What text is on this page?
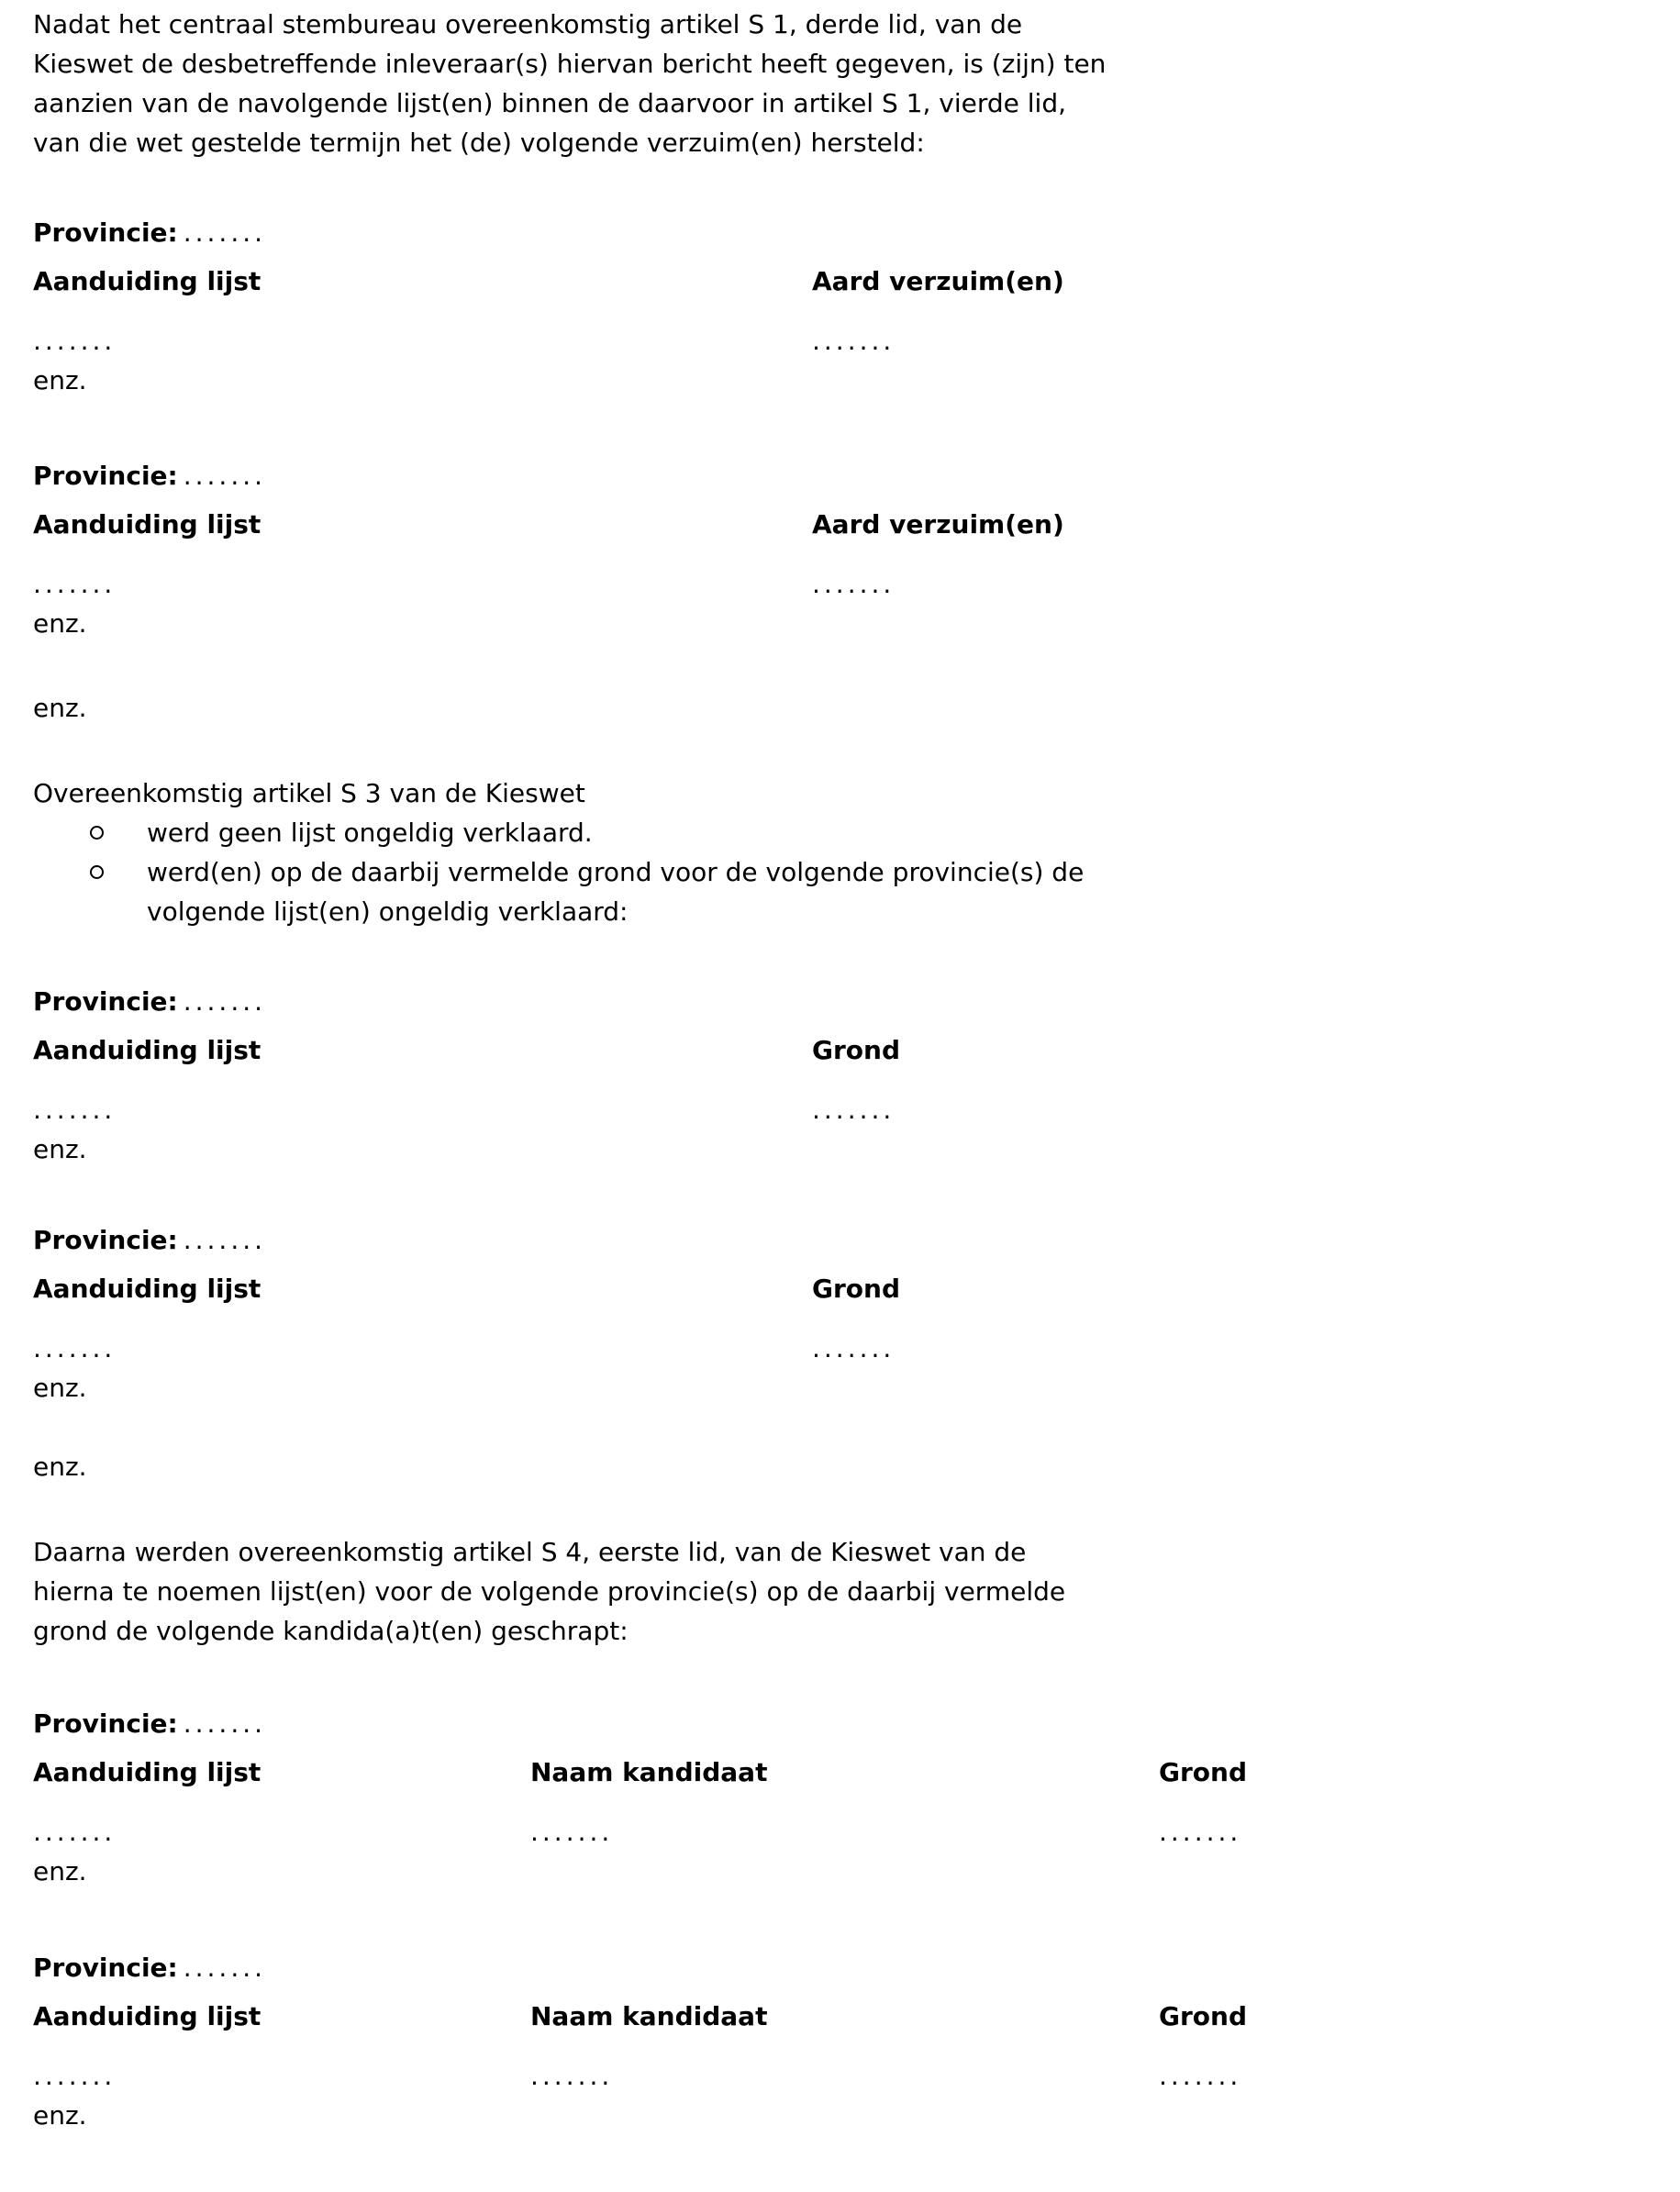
Nadat het centraal stembureau overeenkomstig artikel S 1, derde lid, van de
Kieswet de desbetreffende inleveraar(s) hiervan bericht heeft gegeven, is (zijn) ten
aanzien van de navolgende lijst(en) binnen de daarvoor in artikel S 1, vierde lid,
van die wet gestelde termijn het (de) volgende verzuim(en) hersteld:
Provincie: .......
Aanduiding lijst	Aard verzuim(en)
.......	.......
enz.
Provincie: .......
Aanduiding lijst	Aard verzuim(en)
.......	.......
enz.
enz.
Overeenkomstig artikel S 3 van de Kieswet
werd geen lijst ongeldig verklaard.
werd(en) op de daarbij vermelde grond voor de volgende provincie(s) de
volgende lijst(en) ongeldig verklaard:
Provincie: .......
Aanduiding lijst	Grond
.......	.......
enz.
Provincie: .......
Aanduiding lijst	Grond
.......	.......
enz.
enz.
Daarna werden overeenkomstig artikel S 4, eerste lid, van de Kieswet van de
hierna te noemen lijst(en) voor de volgende provincie(s) op de daarbij vermelde
grond de volgende kandida(a)t(en) geschrapt:
Provincie: .......
Aanduiding lijst	Naam kandidaat	Grond
.......	.......	.......
enz.
Provincie: .......
Aanduiding lijst	Naam kandidaat	Grond
.......	.......	.......
enz.
